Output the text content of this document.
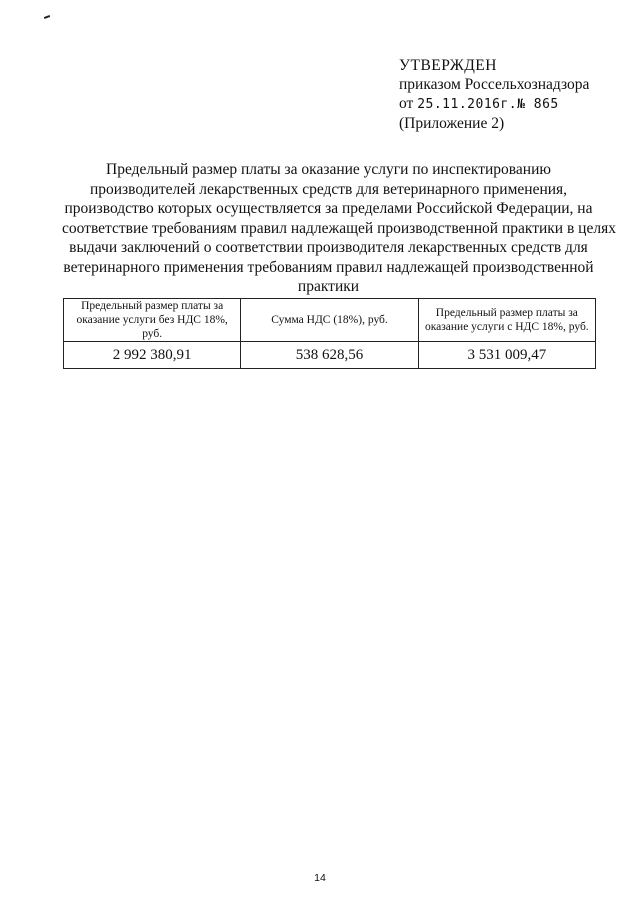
УТВЕРЖДЕН
приказом Россельхознадзора
от 25.11.2016г.№ 865
(Приложение 2)
Предельный размер платы за оказание услуги по инспектированию
производителей лекарственных средств для ветеринарного применения,
производство которых осуществляется за пределами Российской Федерации, на
соответствие требованиям правил надлежащей производственной практики в целях
выдачи заключений о соответствии производителя лекарственных средств для
ветеринарного применения требованиям правил надлежащей производственной
практики
Предельный размер платы за оказание услуги без НДС 18%, руб.	Сумма НДС (18%), руб.	Предельный размер платы за оказание услуги с НДС 18%, руб.
2 992 380,91	538 628,56	3 531 009,47
14
